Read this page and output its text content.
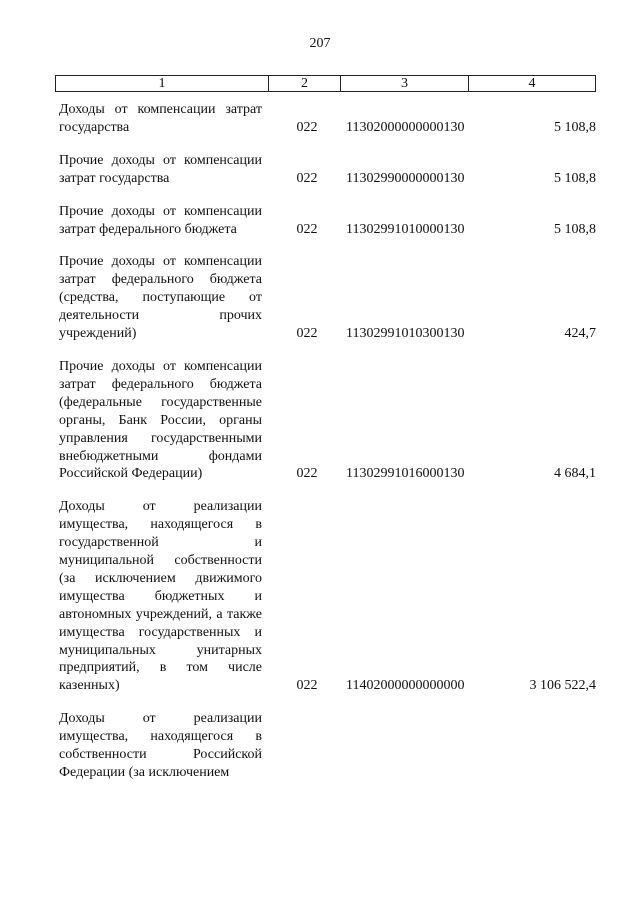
207
1	2	3	4
Доходы от компенсации затрат государства	022 11302000000000130	5 108,8
Прочие доходы от компенсации затрат государства	022 11302990000000130	5 108,8
Прочие доходы от компенсации затрат федерального бюджета	022 11302991010000130	5 108,8
Прочие доходы от компенсации затрат федерального бюджета (средства, поступающие от деятельности прочих учреждений)	022 11302991010300130	424,7
Прочие доходы от компенсации затрат федерального бюджета (федеральные государственные органы, Банк России, органы управления государственными внебюджетными фондами Российской Федерации)	022 11302991016000130	4 684,1
Доходы от реализации имущества, находящегося в государственной и муниципальной собственности (за исключением движимого имущества бюджетных и автономных учреждений, а также имущества государственных и муниципальных унитарных предприятий, в том числе казенных)	022 11402000000000000	3 106 522,4
Доходы от реализации имущества, находящегося в собственности Российской Федерации (за исключением
